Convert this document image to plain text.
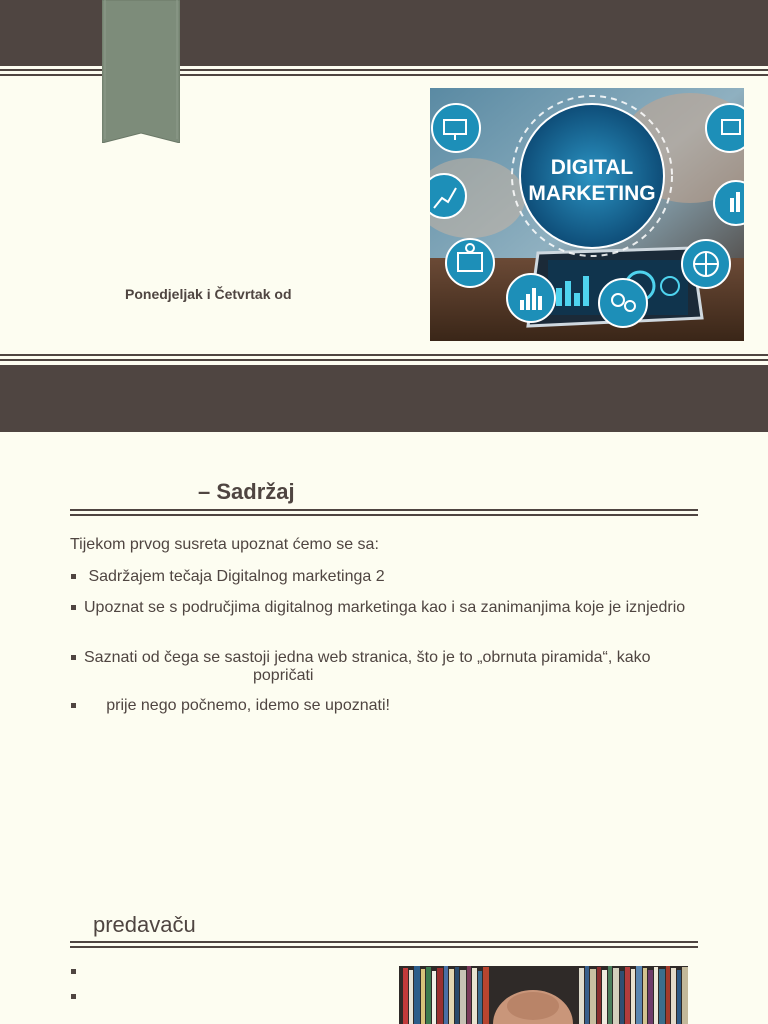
Ponedjeljak i Četvrtak od
DIGITAL
MARKETING
– Sadržaj
Tijekom prvog susreta upoznat ćemo se sa:
Sadržajem tečaja Digitalnog marketinga 2
Upoznat se s područjima digitalnog marketinga kao i sa zanimanjima koje je iznjedrio
Saznati od čega se sastoji jedna web stranica, što je to „obrnuta piramida“, kako
popričati
prije nego počnemo, idemo se upoznati!
predavaču
